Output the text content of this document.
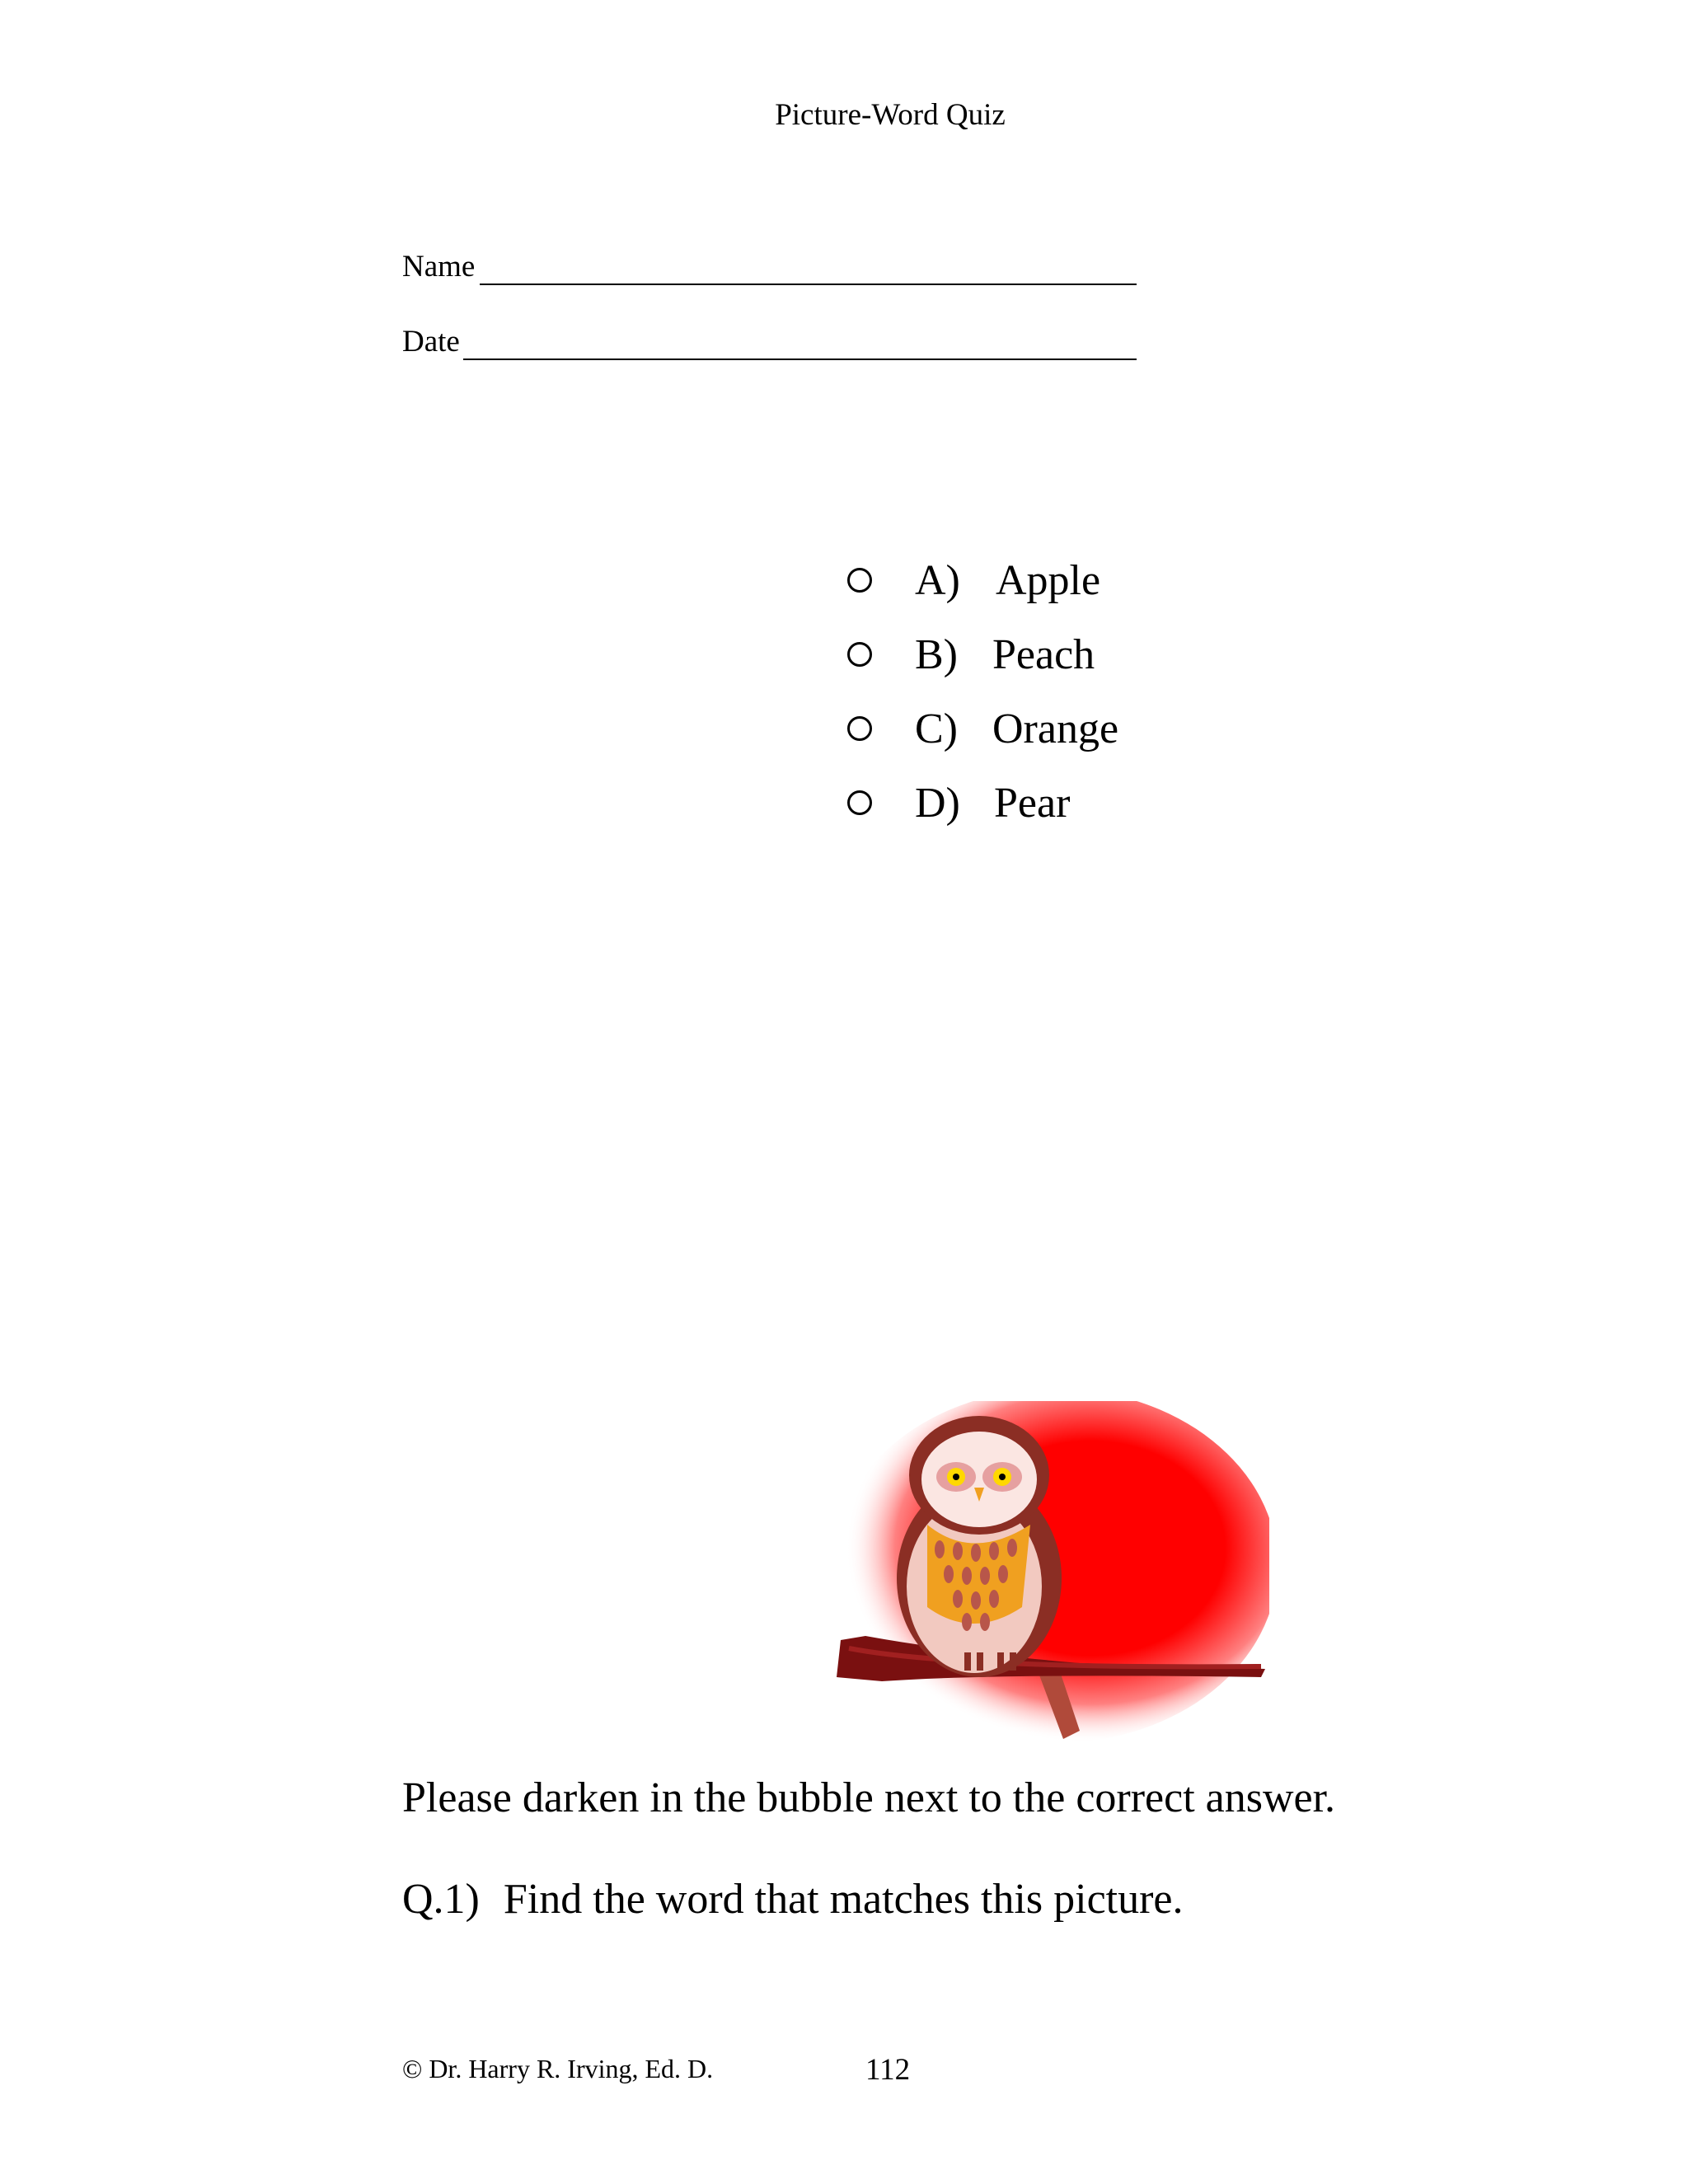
Picture-Word Quiz
Name
Date
A) Apple
B) Peach
C) Orange
D) Pear
Please darken in the bubble next to the correct answer.
Q.1) Find the word that matches this picture.
© Dr. Harry R. Irving, Ed. D.	112
